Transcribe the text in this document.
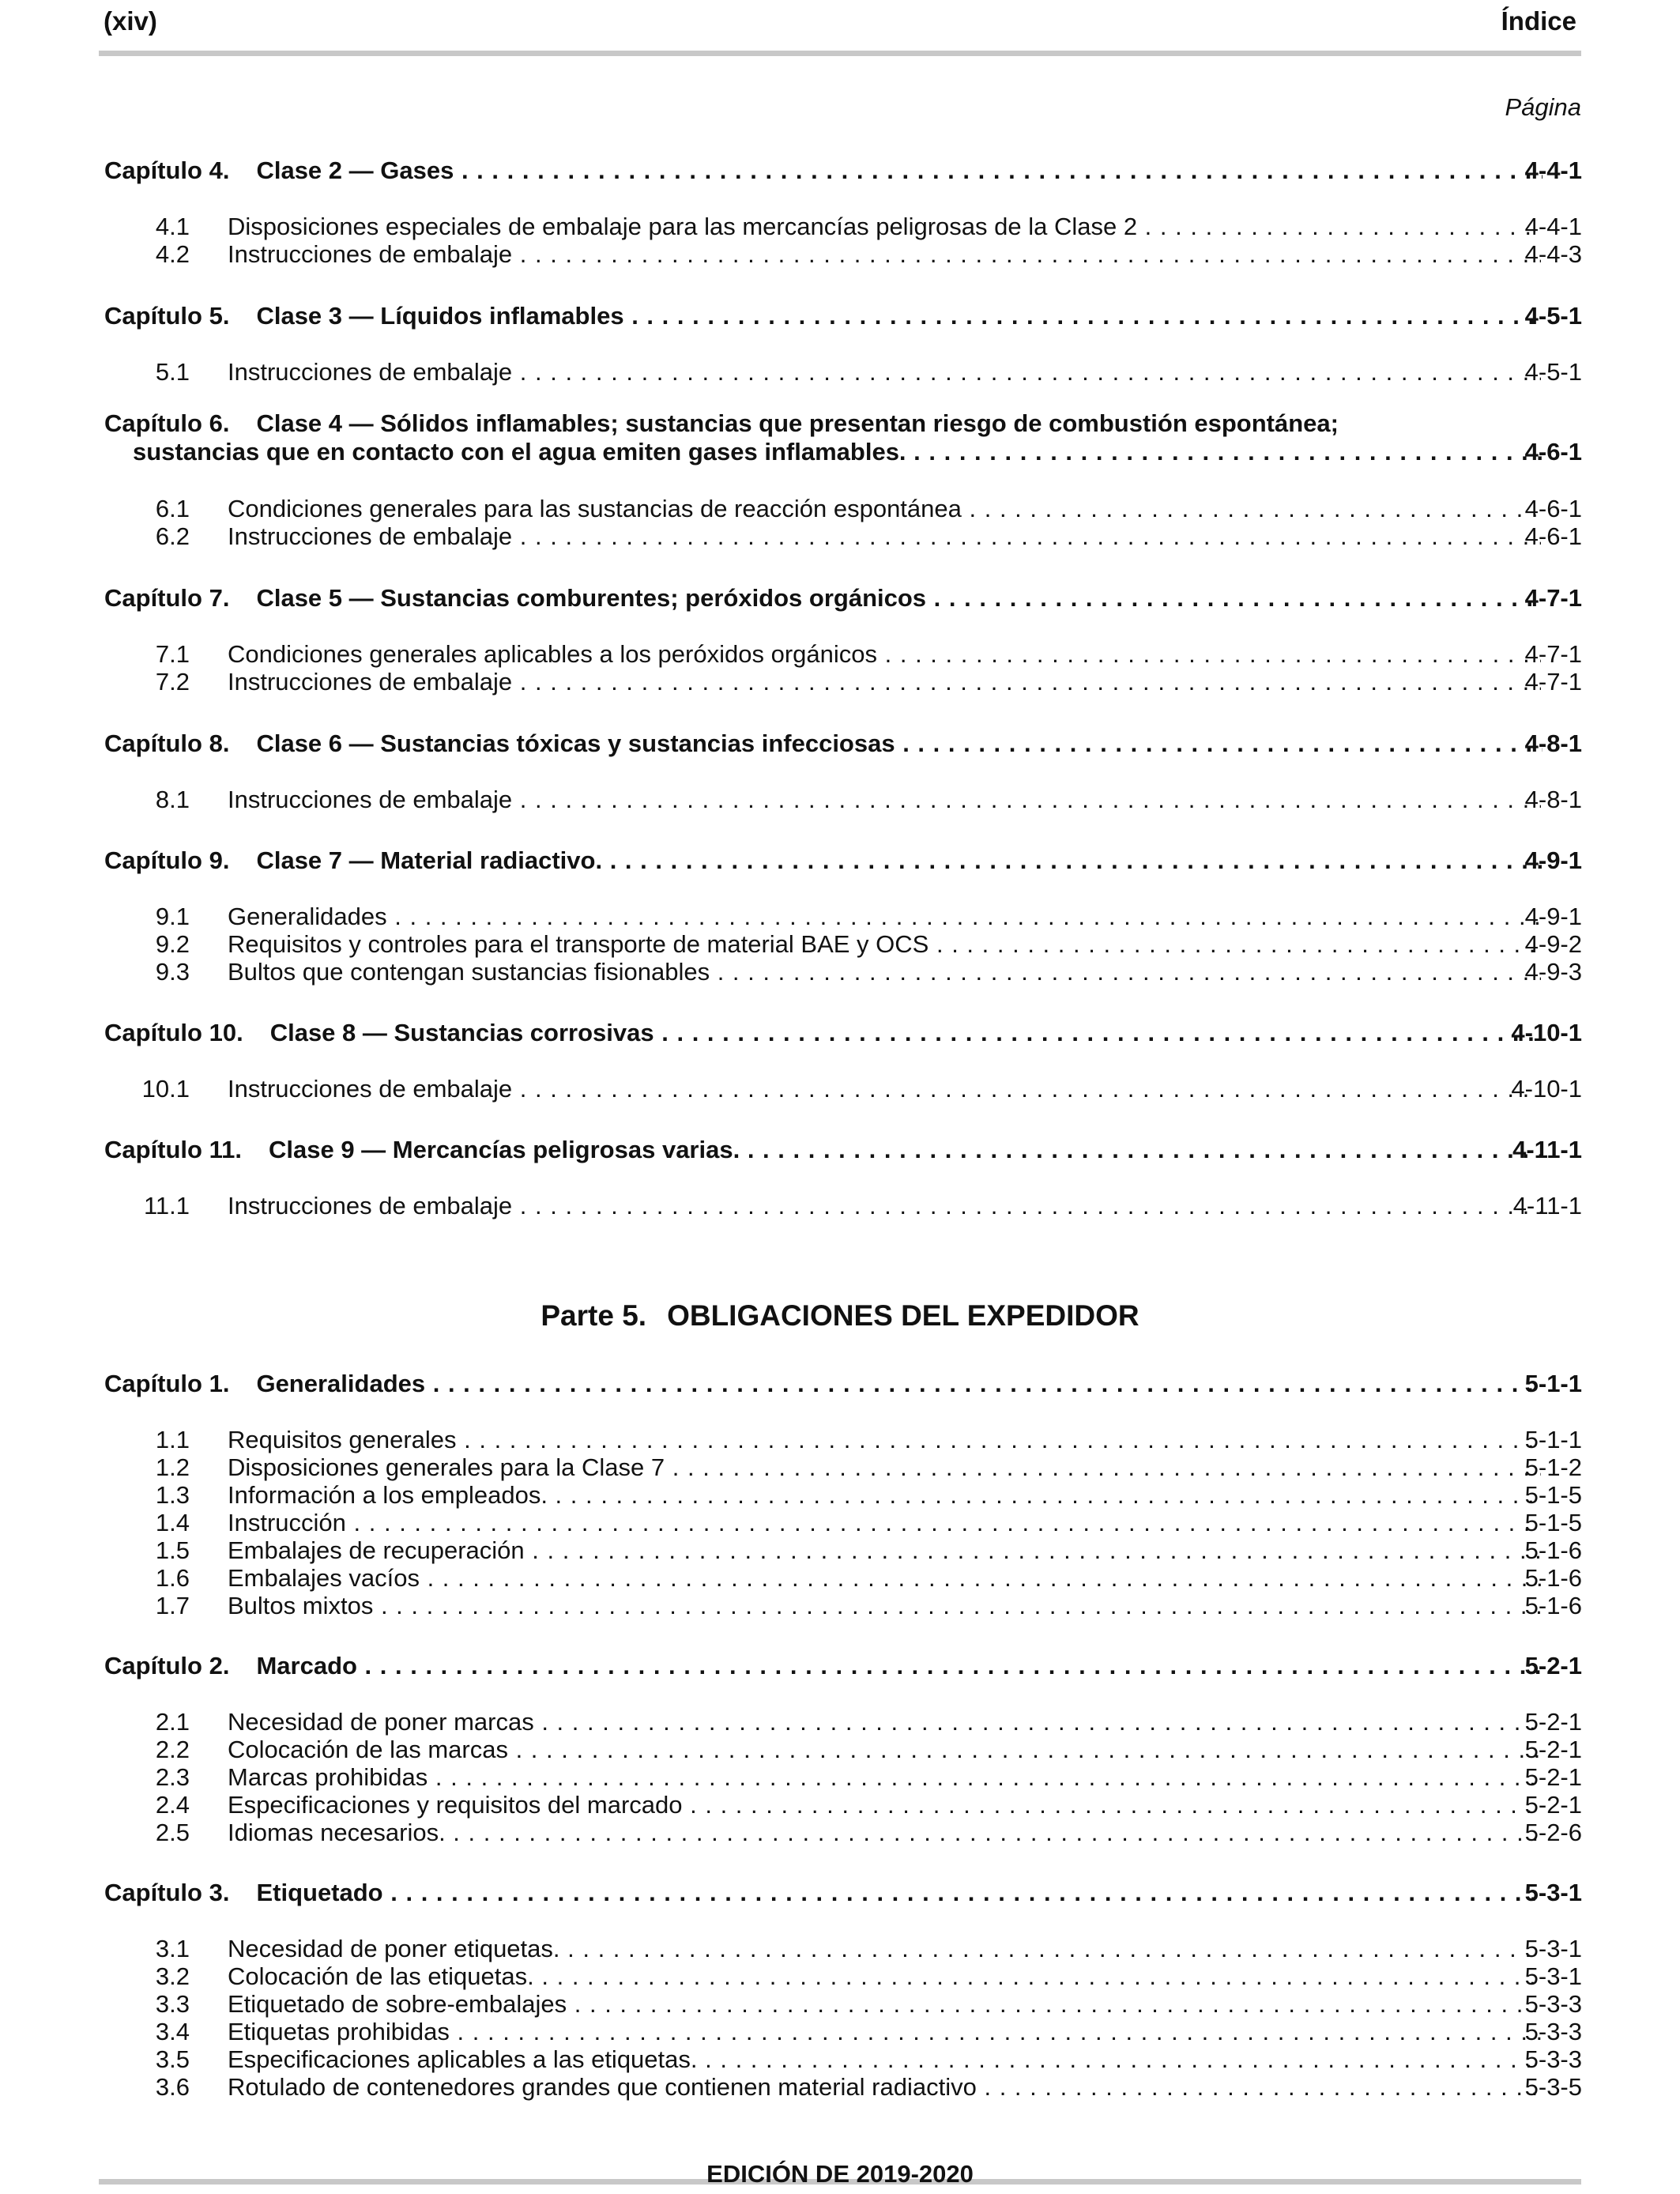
(xiv)	Índice
Página
Capítulo 4. Clase 2 — Gases . . .	4-4-1
4.1 Disposiciones especiales de embalaje para las mercancías peligrosas de la Clase 2 . . .	4-4-1
4.2 Instrucciones de embalaje . . .	4-4-3
Capítulo 5. Clase 3 — Líquidos inflamables . . .	4-5-1
5.1 Instrucciones de embalaje . . .	4-5-1
Capítulo 6. Clase 4 — Sólidos inflamables; sustancias que presentan riesgo de combustión espontánea;
sustancias que en contacto con el agua emiten gases inflamables. . . .	4-6-1
6.1 Condiciones generales para las sustancias de reacción espontánea . . .	4-6-1
6.2 Instrucciones de embalaje . . .	4-6-1
Capítulo 7. Clase 5 — Sustancias comburentes; peróxidos orgánicos . . .	4-7-1
7.1 Condiciones generales aplicables a los peróxidos orgánicos . . .	4-7-1
7.2 Instrucciones de embalaje . . .	4-7-1
Capítulo 8. Clase 6 — Sustancias tóxicas y sustancias infecciosas . . .	4-8-1
8.1 Instrucciones de embalaje . . .	4-8-1
Capítulo 9. Clase 7 — Material radiactivo. . . .	4-9-1
9.1 Generalidades . . .	4-9-1
9.2 Requisitos y controles para el transporte de material BAE y OCS . . .	4-9-2
9.3 Bultos que contengan sustancias fisionables . . .	4-9-3
Capítulo 10. Clase 8 — Sustancias corrosivas . . .	4-10-1
10.1 Instrucciones de embalaje . . .	4-10-1
Capítulo 11. Clase 9 — Mercancías peligrosas varias. . . .	4-11-1
11.1 Instrucciones de embalaje . . .	4-11-1
Capítulo 1. Generalidades . . .	5-1-1
1.1 Requisitos generales . . .	5-1-1
1.2 Disposiciones generales para la Clase 7 . . .	5-1-2
1.3 Información a los empleados. . . .	5-1-5
1.4 Instrucción . . .	5-1-5
1.5 Embalajes de recuperación . . .	5-1-6
1.6 Embalajes vacíos . . .	5-1-6
1.7 Bultos mixtos . . .	5-1-6
Capítulo 2. Marcado . . .	5-2-1
2.1 Necesidad de poner marcas . . .	5-2-1
2.2 Colocación de las marcas . . .	5-2-1
2.3 Marcas prohibidas . . .	5-2-1
2.4 Especificaciones y requisitos del marcado . . .	5-2-1
2.5 Idiomas necesarios. . . .	5-2-6
Capítulo 3. Etiquetado . . .	5-3-1
3.1 Necesidad de poner etiquetas. . . .	5-3-1
3.2 Colocación de las etiquetas. . . .	5-3-1
3.3 Etiquetado de sobre-embalajes . . .	5-3-3
3.4 Etiquetas prohibidas . . .	5-3-3
3.5 Especificaciones aplicables a las etiquetas. . . .	5-3-3
3.6 Rotulado de contenedores grandes que contienen material radiactivo . . .	5-3-5
Parte 5. OBLIGACIONES DEL EXPEDIDOR
EDICIÓN DE 2019-2020
